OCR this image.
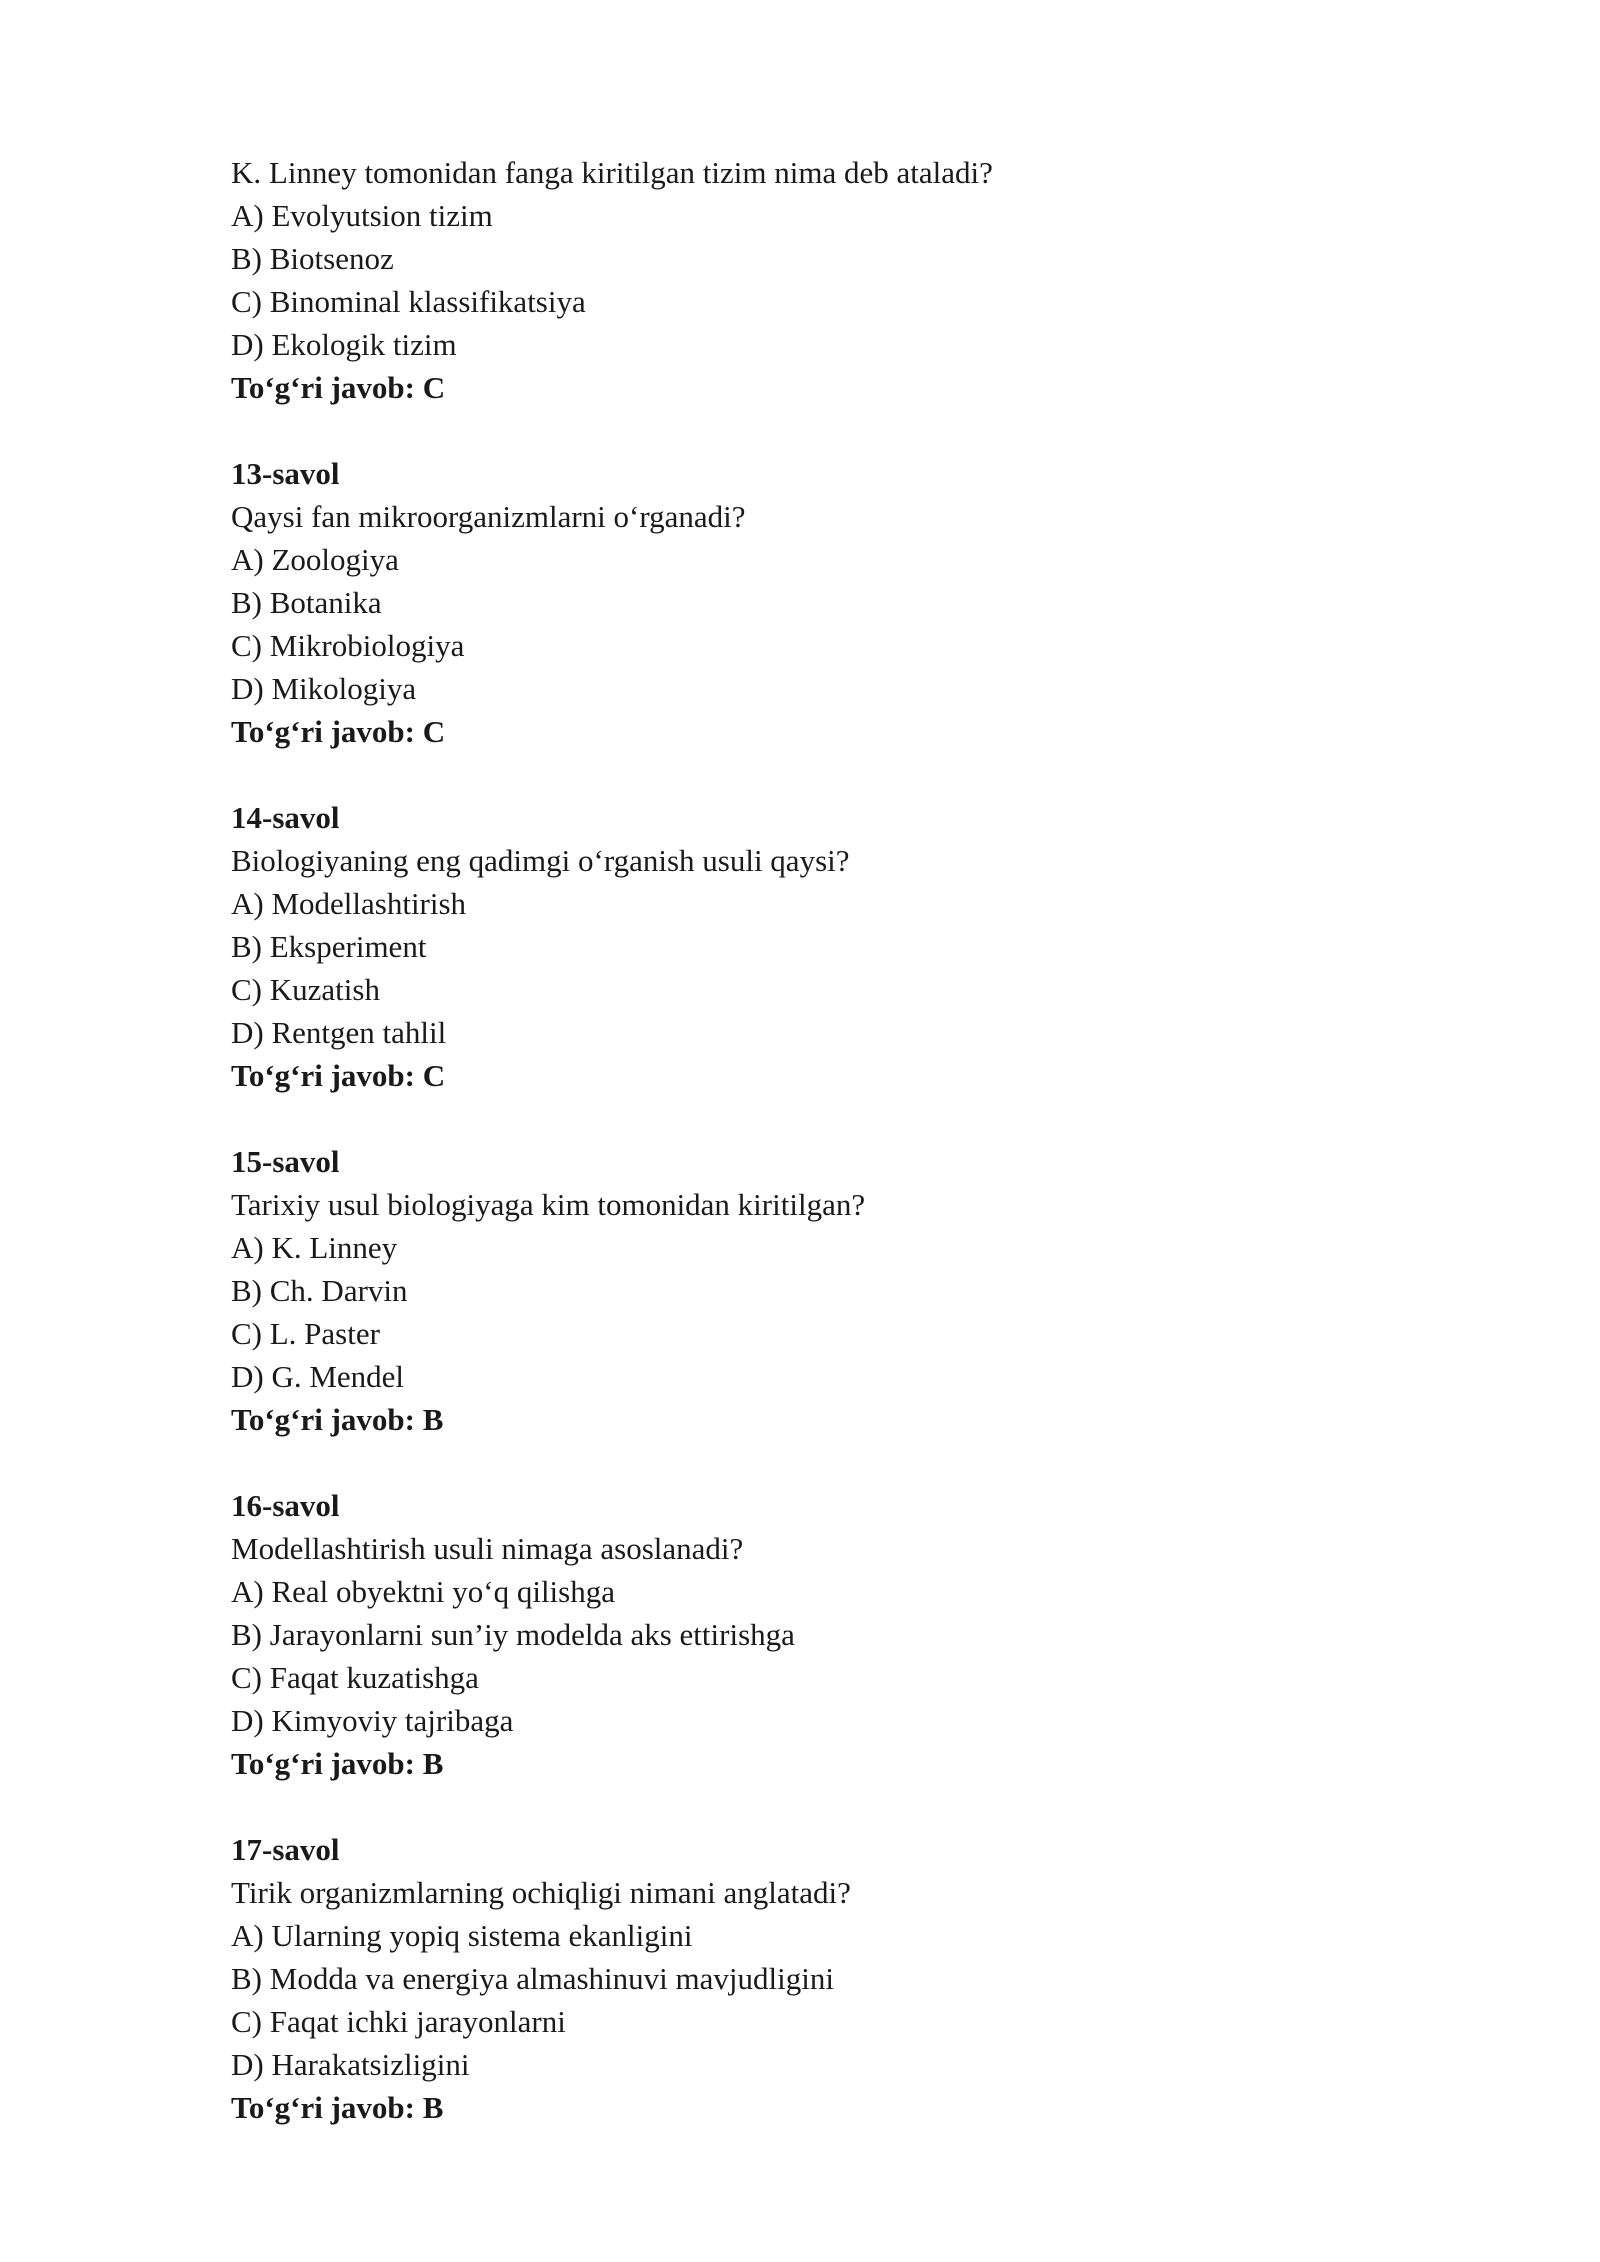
K. Linney tomonidan fanga kiritilgan tizim nima deb ataladi?
A) Evolyutsion tizim
B) Biotsenoz
C) Binominal klassifikatsiya
D) Ekologik tizim
To‘g‘ri javob: C
13-savol
Qaysi fan mikroorganizmlarni o‘rganadi?
A) Zoologiya
B) Botanika
C) Mikrobiologiya
D) Mikologiya
To‘g‘ri javob: C
14-savol
Biologiyaning eng qadimgi o‘rganish usuli qaysi?
A) Modellashtirish
B) Eksperiment
C) Kuzatish
D) Rentgen tahlil
To‘g‘ri javob: C
15-savol
Tarixiy usul biologiyaga kim tomonidan kiritilgan?
A) K. Linney
B) Ch. Darvin
C) L. Paster
D) G. Mendel
To‘g‘ri javob: B
16-savol
Modellashtirish usuli nimaga asoslanadi?
A) Real obyektni yo‘q qilishga
B) Jarayonlarni sun’iy modelda aks ettirishga
C) Faqat kuzatishga
D) Kimyoviy tajribaga
To‘g‘ri javob: B
17-savol
Tirik organizmlarning ochiqligi nimani anglatadi?
A) Ularning yopiq sistema ekanligini
B) Modda va energiya almashinuvi mavjudligini
C) Faqat ichki jarayonlarni
D) Harakatsizligini
To‘g‘ri javob: B
